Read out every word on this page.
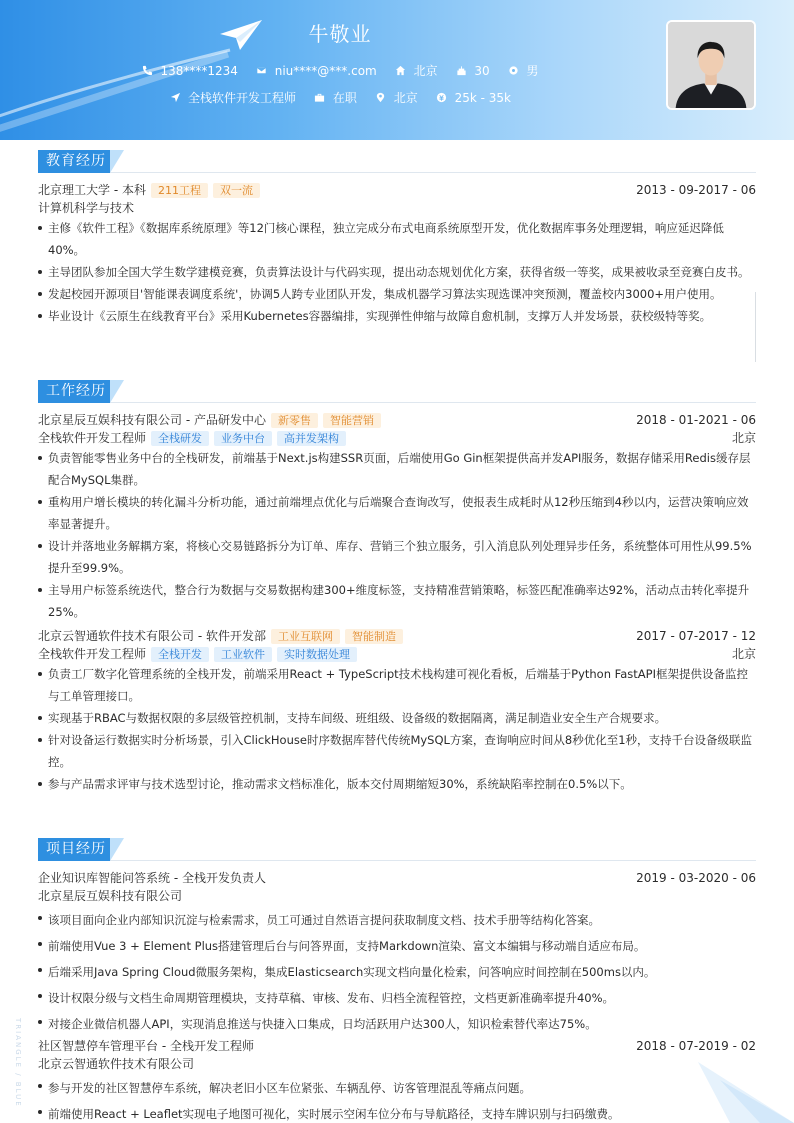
牛敬业
138****1234
	niu****@***.com
	北京
	30
	男
全栈软件开发工程师
	在职
	北京
	25k - 35k
教育经历
北京理工大学 - 本科 211工程 双一流	2013 - 09-2017 - 06
计算机科学与技术
主修《软件工程》《数据库系统原理》等12门核心课程，独立完成分布式电商系统原型开发，优化数据库事务处理逻辑，响应延迟降低40%。
主导团队参加全国大学生数学建模竞赛，负责算法设计与代码实现，提出动态规划优化方案，获得省级一等奖，成果被收录至竞赛白皮书。
发起校园开源项目'智能课表调度系统'，协调5人跨专业团队开发，集成机器学习算法实现选课冲突预测，覆盖校内3000+用户使用。
毕业设计《云原生在线教育平台》采用Kubernetes容器编排，实现弹性伸缩与故障自愈机制，支撑万人并发场景，获校级特等奖。
工作经历
北京星辰互娱科技有限公司 - 产品研发中心 新零售 智能营销	2018 - 01-2021 - 06
全栈软件开发工程师 全栈研发 业务中台 高并发架构	北京
负责智能零售业务中台的全栈研发，前端基于Next.js构建SSR页面，后端使用Go Gin框架提供高并发API服务，数据存储采用Redis缓存层配合MySQL集群。
重构用户增长模块的转化漏斗分析功能，通过前端埋点优化与后端聚合查询改写，使报表生成耗时从12秒压缩到4秒以内，运营决策响应效率显著提升。
设计并落地业务解耦方案，将核心交易链路拆分为订单、库存、营销三个独立服务，引入消息队列处理异步任务，系统整体可用性从99.5%提升至99.9%。
主导用户标签系统迭代，整合行为数据与交易数据构建300+维度标签，支持精准营销策略，标签匹配准确率达92%，活动点击转化率提升25%。
北京云智通软件技术有限公司 - 软件开发部 工业互联网 智能制造	2017 - 07-2017 - 12
全栈软件开发工程师 全栈开发 工业软件 实时数据处理	北京
负责工厂数字化管理系统的全栈开发，前端采用React + TypeScript技术栈构建可视化看板，后端基于Python FastAPI框架提供设备监控与工单管理接口。
实现基于RBAC与数据权限的多层级管控机制，支持车间级、班组级、设备级的数据隔离，满足制造业安全生产合规要求。
针对设备运行数据实时分析场景，引入ClickHouse时序数据库替代传统MySQL方案，查询响应时间从8秒优化至1秒，支持千台设备级联监控。
参与产品需求评审与技术选型讨论，推动需求文档标准化，版本交付周期缩短30%，系统缺陷率控制在0.5%以下。
项目经历
企业知识库智能问答系统 - 全栈开发负责人	2019 - 03-2020 - 06
北京星辰互娱科技有限公司
该项目面向企业内部知识沉淀与检索需求，员工可通过自然语言提问获取制度文档、技术手册等结构化答案。
前端使用Vue 3 + Element Plus搭建管理后台与问答界面，支持Markdown渲染、富文本编辑与移动端自适应布局。
后端采用Java Spring Cloud微服务架构，集成Elasticsearch实现文档向量化检索，问答响应时间控制在500ms以内。
设计权限分级与文档生命周期管理模块，支持草稿、审核、发布、归档全流程管控，文档更新准确率提升40%。
对接企业微信机器人API，实现消息推送与快捷入口集成，日均活跃用户达300人，知识检索替代率达75%。
社区智慧停车管理平台 - 全栈开发工程师	2018 - 07-2019 - 02
北京云智通软件技术有限公司
参与开发的社区智慧停车系统，解决老旧小区车位紧张、车辆乱停、访客管理混乱等痛点问题。
前端使用React + Leaflet实现电子地图可视化，实时展示空闲车位分布与导航路径，支持车牌识别与扫码缴费。
TRIANGLE / BLUE
